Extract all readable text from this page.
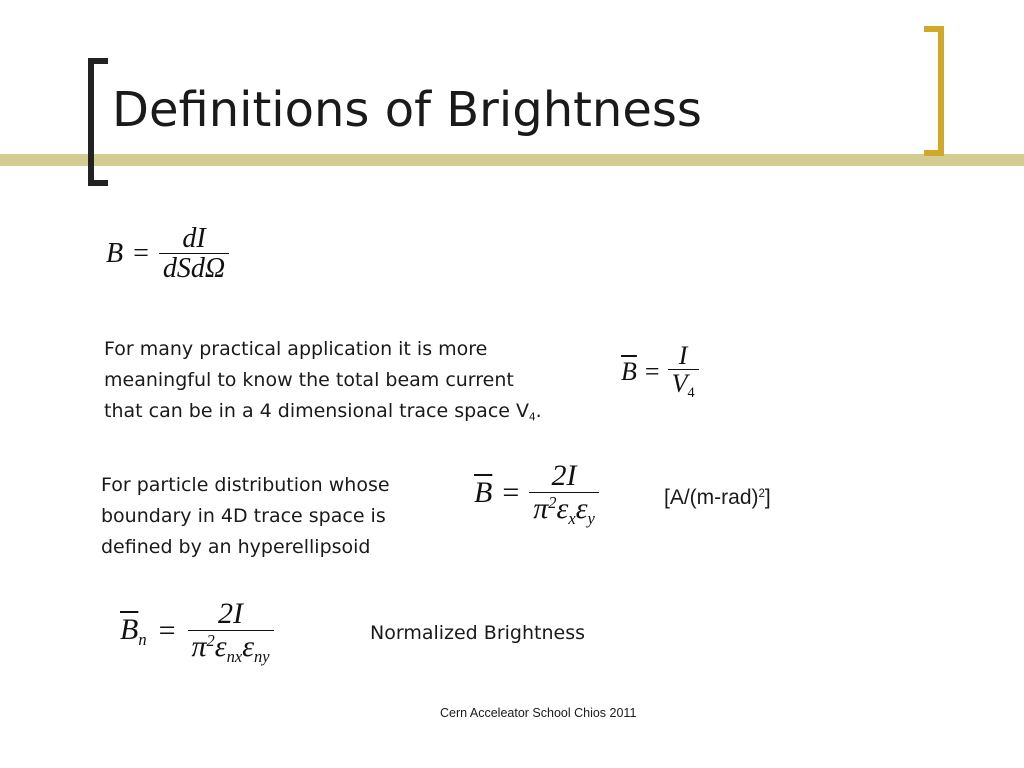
Definitions of Brightness
$B = \frac{dI}{\text{dSdΩ}}$
For many practical application it is more
meaningful to know the total beam current
that can be in a 4 dimensional trace space $V_4$.
$\overline{B} = \frac{I}{V_4}$
For particle distribution whose
boundary in 4D trace space is
defined by an hyperellipsoid
$\overline{B} = \frac{2I}{\pi^2\varepsilon_x\varepsilon_y}$	$[A/(m-rad)^2]$
$\overline{B}_n = \frac{2I}{\pi^2\varepsilon_{nx}\varepsilon_{ny}}$	Normalized Brightness
Cern Acceleator School Chios 2011
